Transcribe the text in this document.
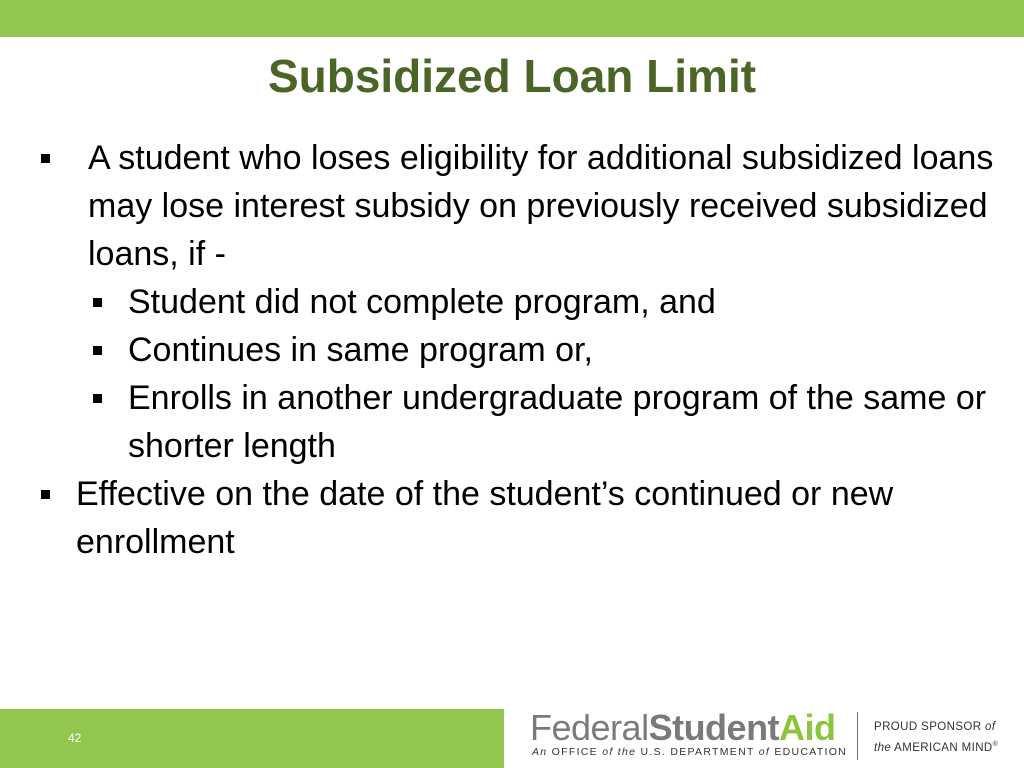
Subsidized Loan Limit
A student who loses eligibility for additional subsidized loans may lose interest subsidy on previously received subsidized loans, if -
Student did not complete program, and
Continues in same program or,
Enrolls in another undergraduate program of the same or shorter length
Effective on the date of the student’s continued or new enrollment
42	FederalStudentAid
An OFFICE of the U.S. DEPARTMENT of EDUCATION
PROUD SPONSOR of
the AMERICAN MIND®
